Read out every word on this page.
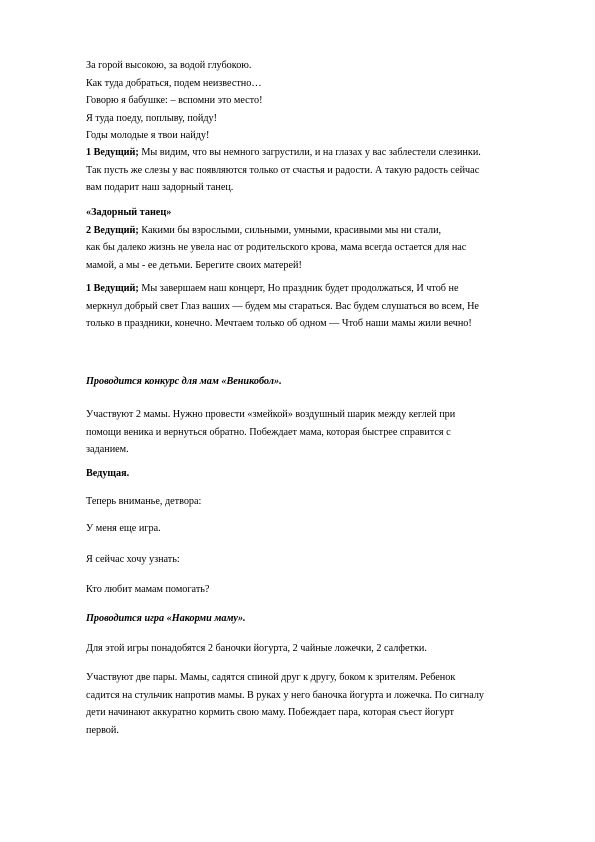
За горой высокою, за водой глубокою.
Как туда добраться, подем неизвестно…
Говорю я бабушке: – вспомни это место!
Я туда поеду, поплыву, пойду!
Годы молодые я твои найду!
1 Ведущий; Мы видим, что вы немного загрустили, и на глазах у вас заблестели слезинки.
Так пусть же слезы у вас появляются только от счастья и радости. А такую радость сейчас
вам подарит наш задорный танец.
«Задорный танец»
2 Ведущий; Какими бы взрослыми, сильными, умными, красивыми мы ни стали,
как бы далеко жизнь не увела нас от родительского крова, мама всегда остается для нас
мамой, а мы - ее детьми. Берегите своих матерей!
1 Ведущий; Мы завершаем наш концерт, Но праздник будет продолжаться, И чтоб не
меркнул добрый свет Глаз ваших — будем мы стараться. Вас будем слушаться во всем, Не
только в праздники, конечно. Мечтаем только об одном — Чтоб наши мамы жили вечно!
Проводится конкурс для мам «Веникобол».
Участвуют 2 мамы. Нужно провести «змейкой» воздушный шарик между кеглей при
помощи веника и вернуться обратно. Побеждает мама, которая быстрее справится с
заданием.
Ведущая.
Теперь вниманье, детвора:
У меня еще игра.
Я сейчас хочу узнать:
Кто любит мамам помогать?
Проводится игра «Накорми маму».
Для этой игры понадобятся 2 баночки йогурта, 2 чайные ложечки, 2 салфетки.
Участвуют две пары. Мамы, садятся спиной друг к другу, боком к зрителям. Ребенок
садится на стульчик напротив мамы. В руках у него баночка йогурта и ложечка. По сигналу
дети начинают аккуратно кормить свою маму. Побеждает пара, которая съест йогурт
первой.
